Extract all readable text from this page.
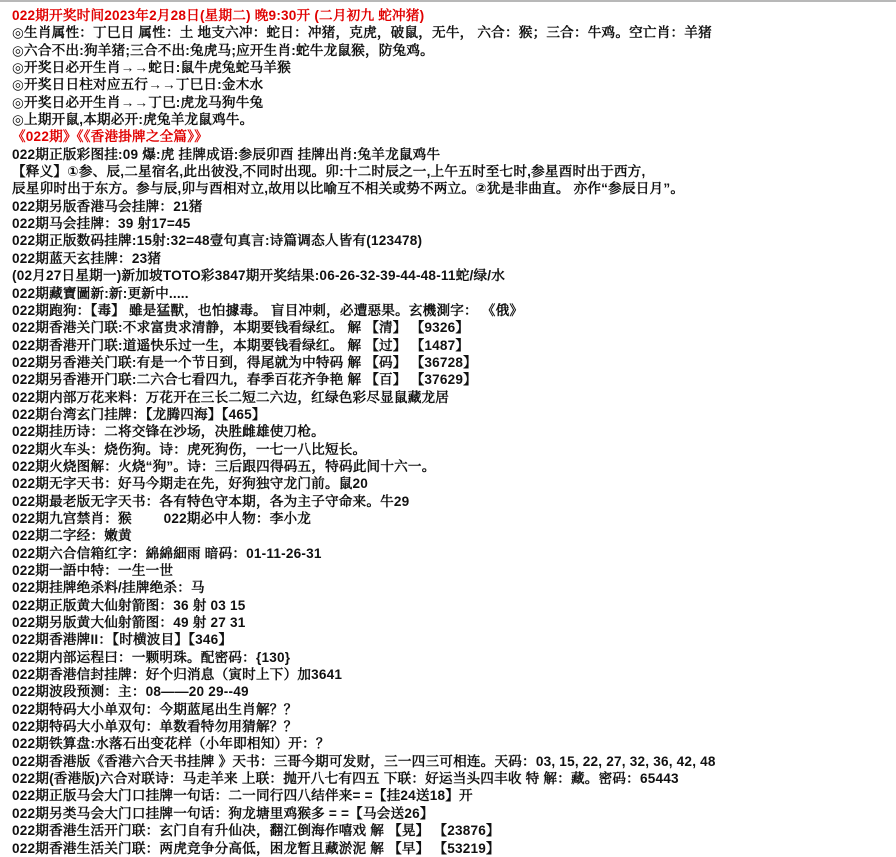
022期开奖时间2023年2月28日(星期二) 晚9:30开 (二月初九 蛇冲猪)
◎生肖属性：丁巳日 属性：土 地支六冲：蛇日：冲猪，克虎，破鼠，无牛， 六合：猴；三合：牛鸡。空亡肖：羊猪
◎六合不出:狗羊猪;三合不出:兔虎马;应开生肖:蛇牛龙鼠猴，防兔鸡。
◎开奖日必开生肖→→蛇日:鼠牛虎兔蛇马羊猴
◎开奖日日柱对应五行→→丁巳日:金木水
◎开奖日必开生肖→→丁巳:虎龙马狗牛兔
◎上期开鼠,本期必开:虎兔羊龙鼠鸡牛。
《022期》《《香港掛牌之全篇》》
022期正版彩图挂:09 爆:虎 挂牌成语:参辰卯酉 挂牌出肖:兔羊龙鼠鸡牛
【释义】①参、辰,二星宿名,此出彼没,不同时出现。卯:十二时辰之一,上午五时至七时,参星酉时出于西方,
辰星卯时出于东方。参与辰,卯与酉相对立,故用以比喻互不相关或势不两立。②犹是非曲直。 亦作“参辰日月”。
022期另版香港马会挂牌：21猪
022期马会挂牌：39 射17=45
022期正版数码挂牌:15射:32=48壹句真言:诗篇调态人皆有(123478)
022期蓝天玄挂牌：23猪
(02月27日星期一)新加坡TOTO彩3847期开奖结果:06-26-32-39-44-48-11蛇/绿/水
022期藏寶圖新:新:更新中.....
022期跑狗：【毒】 雖是猛獸，也怕據毒。 盲目冲刺，必遭惡果。玄機測字： 《俄》
022期香港关门联:不求富贵求清静，本期要钱看绿红。 解 【清】 【9326】
022期香港开门联:道遥快乐过一生，本期要钱看绿红。 解 【过】 【1487】
022期另香港关门联:有是一个节日到，得尾就为中特码 解 【码】 【36728】
022期另香港开门联:二六合七看四九，春季百花齐争艳 解 【百】 【37629】
022期内部万花来料：万花开在三长二短二六边，红绿色彩尽显鼠藏龙居
022期台湾玄门挂牌：【龙腾四海】【465】
022期挂历诗：二将交锋在沙场，决胜雌雄使刀枪。
022期火车头：烧伤狗。诗：虎死狗伤，一七一八比短长。
022期火烧图解：火烧“狗”。诗：三后跟四得码五，特码此间十六一。
022期无字天书：好马今期走在先，好狗独守龙门前。鼠20
022期最老版无字天书：各有特色守本期，各为主子守命来。牛29
022期九宫禁肖：猴        022期必中人物：李小龙
022期二字经：嫩黄
022期六合信箱红字：綿綿細雨 暗码：01-11-26-31
022期一語中特：一生一世
022期挂牌绝杀料/挂牌绝杀：马
022期正版黄大仙射箭图：36 射 03 15
022期另版黄大仙射箭图：49 射 27 31
022期香港牌II：【时横波目】【346】
022期内部运程曰：一颗明珠。配密码：{130}
022期香港信封挂牌：好个归消息（寅时上下）加3641
022期波段预测：主：08——20 29--49
022期特码大小单双句：今期蓝尾出生肖解？？
022期特码大小单双句：单数看特勿用猜解？？
022期铁算盘:水落石出变花样（小年即相知）开：？
022期香港版《香港六合天书挂牌 》天书：三哥今期可发财，三一四三可相连。天码：03, 15, 22, 27, 32, 36, 42, 48
022期(香港版)六合对联诗：马走羊来 上联：抛开八七有四五 下联：好运当头四丰收 特 解：藏。密码：65443
022期正版马会大门口挂牌一句话：二一同行四八结伴来= =【挂24送18】开
022期另类马会大门口挂牌一句话：狗龙塘里鸡猴多 = =【马会送26】
022期香港生活开门联：玄门自有升仙决，翻江倒海作嘻戏 解 【晃】 【23876】
022期香港生活关门联：两虎竞争分高低，困龙暂且藏淤泥 解 【早】 【53219】
